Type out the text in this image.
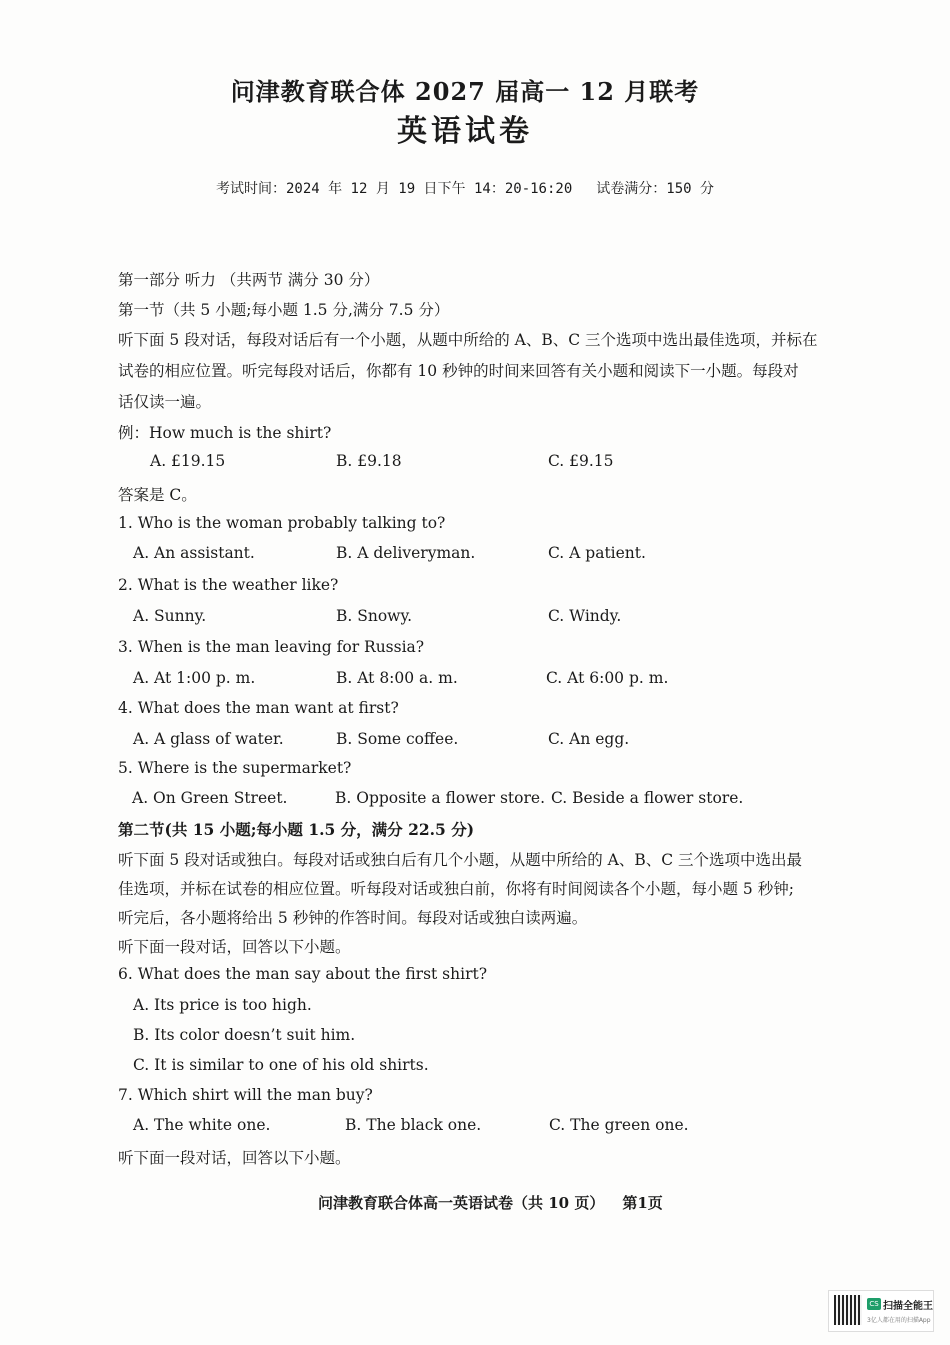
问津教育联合体 2027 届高一 12 月联考
英语试卷
考试时间：2024 年 12 月 19 日下午 14：20-16:20 试卷满分：150 分
第一部分 听力 （共两节 满分 30 分）
第一节（共 5 小题;每小题 1.5 分,满分 7.5 分）
听下面 5 段对话，每段对话后有一个小题，从题中所给的 A、B、C 三个选项中选出最佳选项，并标在
试卷的相应位置。听完每段对话后，你都有 10 秒钟的时间来回答有关小题和阅读下一小题。每段对
话仅读一遍。
例：How much is the shirt?
A. £19.15	B. £9.18	C. £9.15
答案是 C。
1. Who is the woman probably talking to?
A. An assistant.	B. A deliveryman.	C. A patient.
2. What is the weather like?
A. Sunny.	B. Snowy.	C. Windy.
3. When is the man leaving for Russia?
A. At 1:00 p. m.	B. At 8:00 a. m.	C. At 6:00 p. m.
4. What does the man want at first?
A. A glass of water.	B. Some coffee.	C. An egg.
5. Where is the supermarket?
A. On Green Street.	B. Opposite a flower store. C. Beside a flower store.
第二节(共 15 小题;每小题 1.5 分，满分 22.5 分)
听下面 5 段对话或独白。每段对话或独白后有几个小题，从题中所给的 A、B、C 三个选项中选出最
佳选项，并标在试卷的相应位置。听每段对话或独白前，你将有时间阅读各个小题，每小题 5 秒钟;
听完后，各小题将给出 5 秒钟的作答时间。每段对话或独白读两遍。
听下面一段对话，回答以下小题。
6. What does the man say about the first shirt?
A. Its price is too high.
B. Its color doesn’t suit him.
C. It is similar to one of his old shirts.
7. Which shirt will the man buy?
A. The white one.	B. The black one.	C. The green one.
听下面一段对话，回答以下小题。
问津教育联合体高一英语试卷（共 10 页） 第1页
CS 扫描全能王
3亿人都在用的扫描App
